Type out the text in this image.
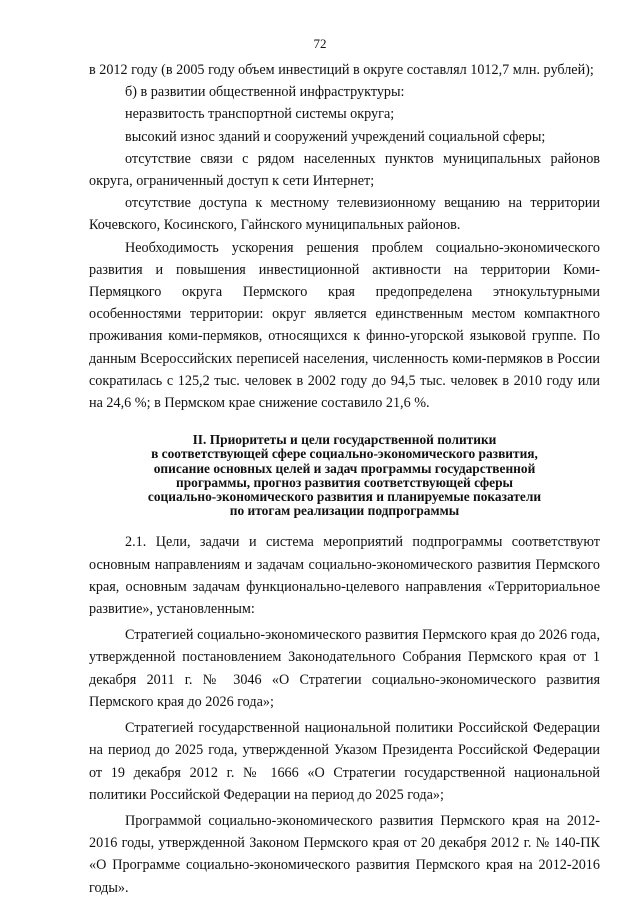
72

в 2012 году (в 2005 году объем инвестиций в округе составлял 1012,7 млн. рублей);

б) в развитии общественной инфраструктуры:

неразвитость транспортной системы округа;

высокий износ зданий и сооружений учреждений социальной сферы;

отсутствие связи с рядом населенных пунктов муниципальных районов округа, ограниченный доступ к сети Интернет;

отсутствие доступа к местному телевизионному вещанию на территории Кочевского, Косинского, Гайнского муниципальных районов.

Необходимость ускорения решения проблем социально-экономического развития и повышения инвестиционной активности на территории Коми-Пермяцкого округа Пермского края предопределена этнокультурными особенностями территории: округ является единственным местом компактного проживания коми-пермяков, относящихся к финно-угорской языковой группе. По данным Всероссийских переписей населения, численность коми-пермяков в России сократилась с 125,2 тыс. человек в 2002 году до 94,5 тыс. человек в 2010 году или на 24,6 %; в Пермском крае снижение составило 21,6 %.

II. Приоритеты и цели государственной политики
в соответствующей сфере социально-экономического развития,
описание основных целей и задач программы государственной
программы, прогноз развития соответствующей сферы
социально-экономического развития и планируемые показатели
по итогам реализации подпрограммы

2.1. Цели, задачи и система мероприятий подпрограммы соответствуют основным направлениям и задачам социально-экономического развития Пермского края, основным задачам функционально-целевого направления «Территориальное развитие», установленным:

Стратегией социально-экономического развития Пермского края до 2026 года, утвержденной постановлением Законодательного Собрания Пермского края от 1 декабря 2011 г. № 3046 «О Стратегии социально-экономического развития Пермского края до 2026 года»;

Стратегией государственной национальной политики Российской Федерации на период до 2025 года, утвержденной Указом Президента Российской Федерации от 19 декабря 2012 г. № 1666 «О Стратегии государственной национальной политики Российской Федерации на период до 2025 года»;

Программой социально-экономического развития Пермского края на 2012-2016 годы, утвержденной Законом Пермского края от 20 декабря 2012 г. № 140-ПК «О Программе социально-экономического развития Пермского края на 2012-2016 годы».
